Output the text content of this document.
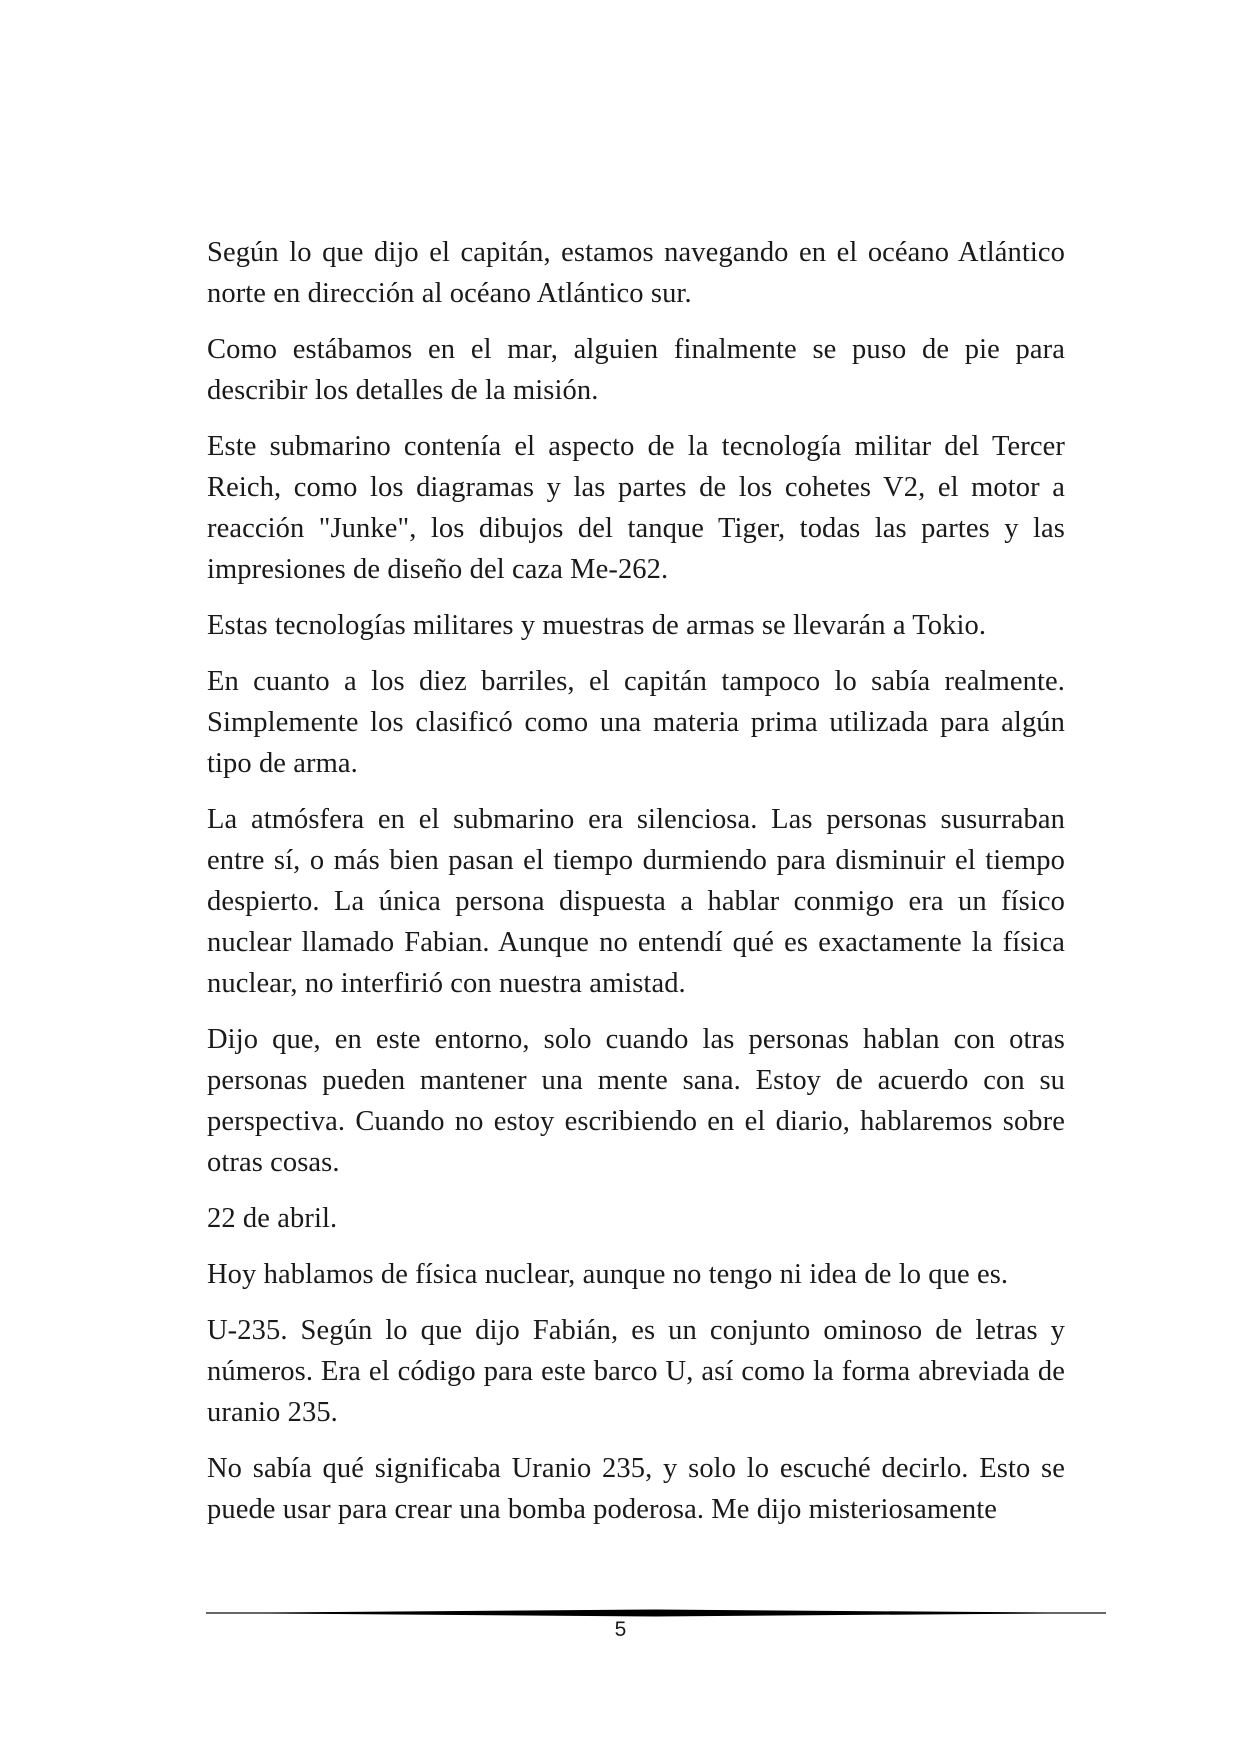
Según lo que dijo el capitán, estamos navegando en el océano Atlántico norte en dirección al océano Atlántico sur.

Como estábamos en el mar, alguien finalmente se puso de pie para describir los detalles de la misión.

Este submarino contenía el aspecto de la tecnología militar del Tercer Reich, como los diagramas y las partes de los cohetes V2, el motor a reacción "Junke", los dibujos del tanque Tiger, todas las partes y las impresiones de diseño del caza Me-262.

Estas tecnologías militares y muestras de armas se llevarán a Tokio.

En cuanto a los diez barriles, el capitán tampoco lo sabía realmente. Simplemente los clasificó como una materia prima utilizada para algún tipo de arma.

La atmósfera en el submarino era silenciosa. Las personas susurraban entre sí, o más bien pasan el tiempo durmiendo para disminuir el tiempo despierto. La única persona dispuesta a hablar conmigo era un físico nuclear llamado Fabian. Aunque no entendí qué es exactamente la física nuclear, no interfirió con nuestra amistad.

Dijo que, en este entorno, solo cuando las personas hablan con otras personas pueden mantener una mente sana. Estoy de acuerdo con su perspectiva. Cuando no estoy escribiendo en el diario, hablaremos sobre otras cosas.

22 de abril.

Hoy hablamos de física nuclear, aunque no tengo ni idea de lo que es.

U-235. Según lo que dijo Fabián, es un conjunto ominoso de letras y números. Era el código para este barco U, así como la forma abreviada de uranio 235.

No sabía qué significaba Uranio 235, y solo lo escuché decirlo. Esto se puede usar para crear una bomba poderosa. Me dijo misteriosamente

5
